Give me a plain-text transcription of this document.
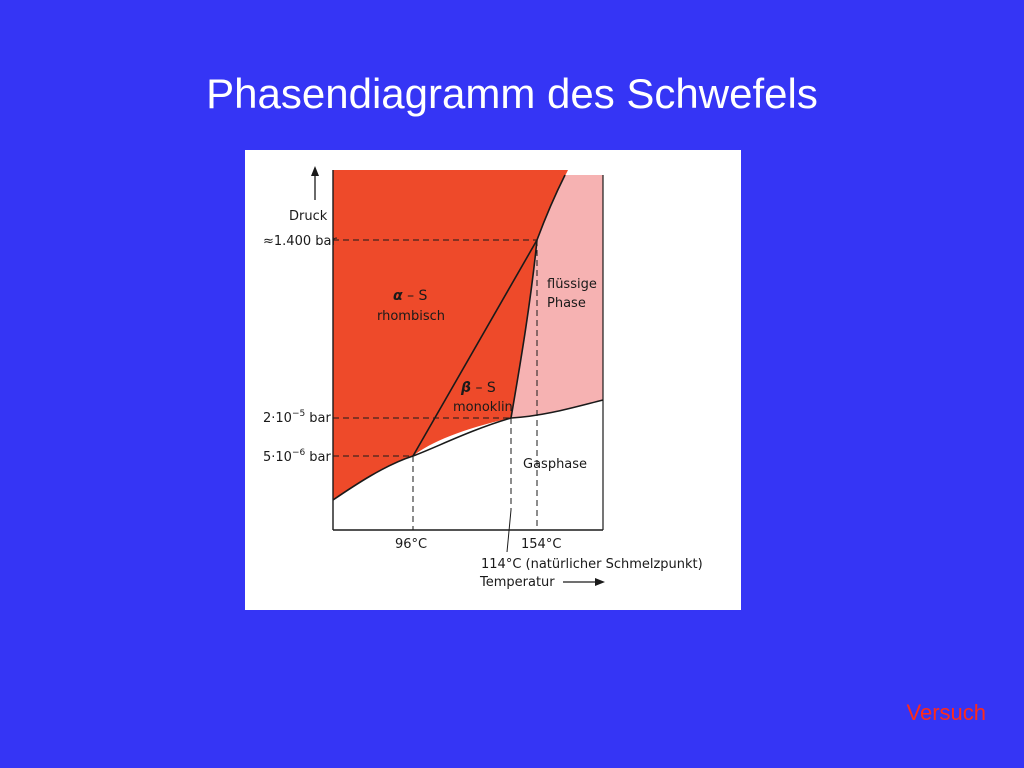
Phasendiagramm des Schwefels
Druck
Temperatur
≈1.400 bar
$2\cdot 10^{-5}$ bar
$5\cdot 10^{-6}$ bar
96°C	154°C
114°C (natürlicher Schmelzpunkt)
α – S
rhombisch
β – S
monoklin
flüssige
Phase
Gasphase
Versuch
